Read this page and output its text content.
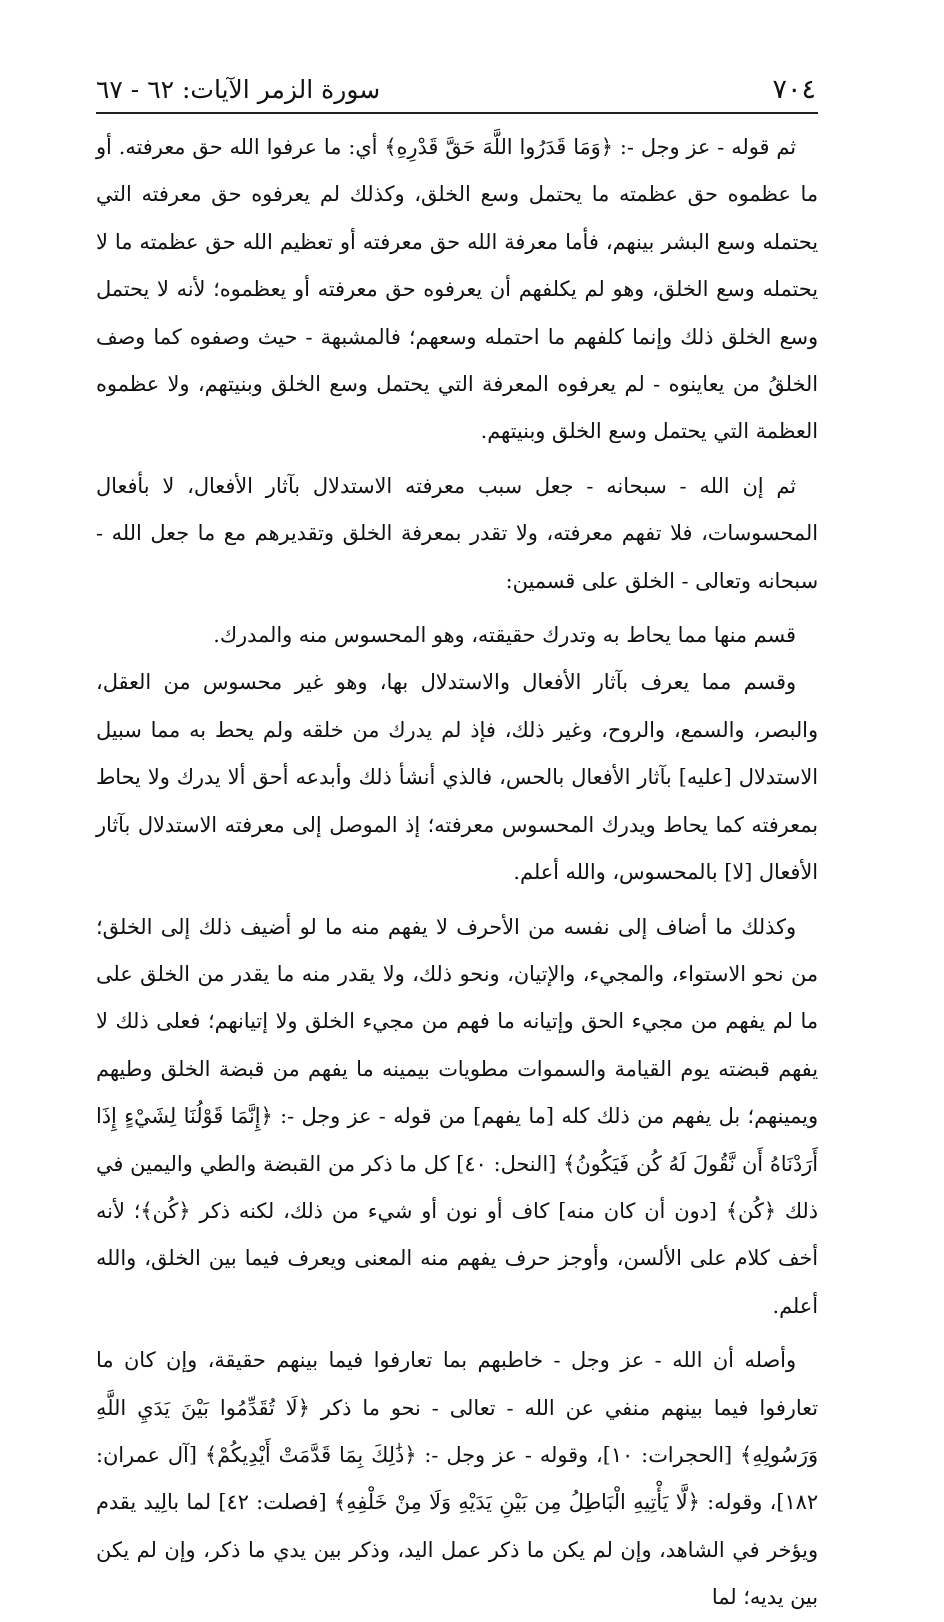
٧٠٤
سورة الزمر الآيات: ٦٢ - ٦٧

ثم قوله - عز وجل -: ﴿وَمَا قَدَرُوا اللَّهَ حَقَّ قَدْرِهِ﴾ أي: ما عرفوا الله حق معرفته. أو ما عظموه حق عظمته ما يحتمل وسع الخلق، وكذلك لم يعرفوه حق معرفته التي يحتمله وسع البشر بينهم، فأما معرفة الله حق معرفته أو تعظيم الله حق عظمته ما لا يحتمله وسع الخلق، وهو لم يكلفهم أن يعرفوه حق معرفته أو يعظموه؛ لأنه لا يحتمل وسع الخلق ذلك وإنما كلفهم ما احتمله وسعهم؛ فالمشبهة - حيث وصفوه كما وصف الخلقُ من يعاينوه - لم يعرفوه المعرفة التي يحتمل وسع الخلق وبنيتهم، ولا عظموه العظمة التي يحتمل وسع الخلق وبنيتهم.

ثم إن الله - سبحانه - جعل سبب معرفته الاستدلال بآثار الأفعال، لا بأفعال المحسوسات، فلا تفهم معرفته، ولا تقدر بمعرفة الخلق وتقديرهم مع ما جعل الله - سبحانه وتعالى - الخلق على قسمين:

قسم منها مما يحاط به وتدرك حقيقته، وهو المحسوس منه والمدرك.

وقسم مما يعرف بآثار الأفعال والاستدلال بها، وهو غير محسوس من العقل، والبصر، والسمع، والروح، وغير ذلك، فإذ لم يدرك من خلقه ولم يحط به مما سبيل الاستدلال [عليه] بآثار الأفعال بالحس، فالذي أنشأ ذلك وأبدعه أحق ألا يدرك ولا يحاط بمعرفته كما يحاط ويدرك المحسوس معرفته؛ إذ الموصل إلى معرفته الاستدلال بآثار الأفعال [لا] بالمحسوس، والله أعلم.

وكذلك ما أضاف إلى نفسه من الأحرف لا يفهم منه ما لو أضيف ذلك إلى الخلق؛ من نحو الاستواء، والمجيء، والإتيان، ونحو ذلك، ولا يقدر منه ما يقدر من الخلق على ما لم يفهم من مجيء الحق وإتيانه ما فهم من مجيء الخلق ولا إتيانهم؛ فعلى ذلك لا يفهم قبضته يوم القيامة والسموات مطويات بيمينه ما يفهم من قبضة الخلق وطيهم ويمينهم؛ بل يفهم من ذلك كله [ما يفهم] من قوله - عز وجل -: ﴿إِنَّمَا قَوْلُنَا لِشَيْءٍ إِذَا أَرَدْنَاهُ أَن نَّقُولَ لَهُ كُن فَيَكُونُ﴾ [النحل: ٤٠] كل ما ذكر من القبضة والطي واليمين في ذلك ﴿كُن﴾ [دون أن كان منه] كاف أو نون أو شيء من ذلك، لكنه ذكر ﴿كُن﴾؛ لأنه أخف كلام على الألسن، وأوجز حرف يفهم منه المعنى ويعرف فيما بين الخلق، والله أعلم.

وأصله أن الله - عز وجل - خاطبهم بما تعارفوا فيما بينهم حقيقة، وإن كان ما تعارفوا فيما بينهم منفي عن الله - تعالى - نحو ما ذكر ﴿لَا تُقَدِّمُوا بَيْنَ يَدَيِ اللَّهِ وَرَسُولِهِ﴾ [الحجرات: ١٠]، وقوله - عز وجل -: ﴿ذَٰلِكَ بِمَا قَدَّمَتْ أَيْدِيكُمْ﴾ [آل عمران: ١٨٢]، وقوله: ﴿لَّا يَأْتِيهِ الْبَاطِلُ مِن بَيْنِ يَدَيْهِ وَلَا مِنْ خَلْفِهِ﴾ [فصلت: ٤٢] لما بالِيد يقدم ويؤخر في الشاهد، وإن لم يكن ما ذكر عمل اليد، وذكر بين يدي ما ذكر، وإن لم يكن بين يديه؛ لما
